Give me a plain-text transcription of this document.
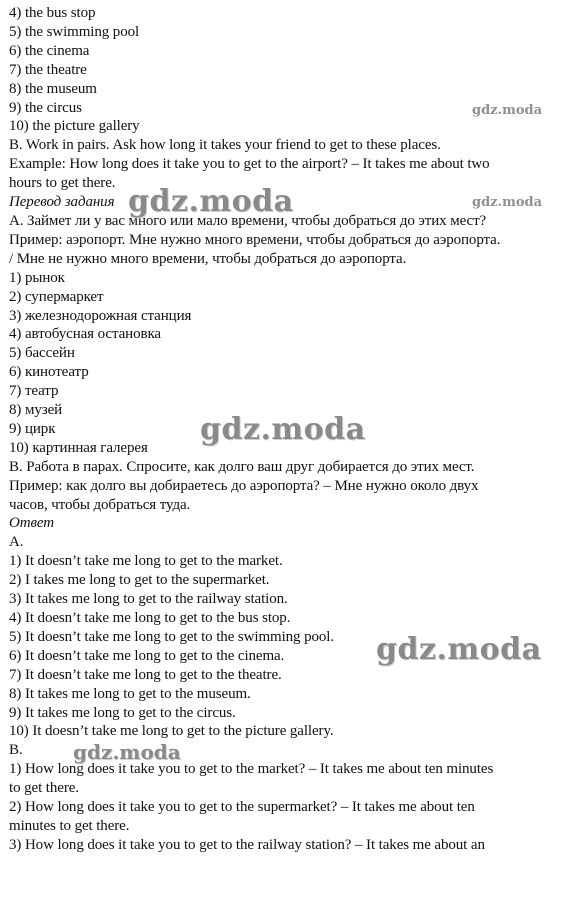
4) the bus stop
5) the swimming pool
6) the cinema
7) the theatre
8) the museum
9) the circus
10) the picture gallery
B. Work in pairs. Ask how long it takes your friend to get to these places.
Example: How long does it take you to get to the airport? – It takes me about two
hours to get there.
Перевод задания
А. Займет ли у вас много или мало времени, чтобы добраться до этих мест?
Пример: аэропорт. Мне нужно много времени, чтобы добраться до аэропорта.
/ Мне не нужно много времени, чтобы добраться до аэропорта.
1) рынок
2) супермаркет
3) железнодорожная станция
4) автобусная остановка
5) бассейн
6) кинотеатр
7) театр
8) музей
9) цирк
10) картинная галерея
В. Работа в парах. Спросите, как долго ваш друг добирается до этих мест.
Пример: как долго вы добираетесь до аэропорта? – Мне нужно около двух
часов, чтобы добраться туда.
Ответ
A.
1) It doesn’t take me long to get to the market.
2) I takes me long to get to the supermarket.
3) It takes me long to get to the railway station.
4) It doesn’t take me long to get to the bus stop.
5) It doesn’t take me long to get to the swimming pool.
6) It doesn’t take me long to get to the cinema.
7) It doesn’t take me long to get to the theatre.
8) It takes me long to get to the museum.
9) It takes me long to get to the circus.
10) It doesn’t take me long to get to the picture gallery.
B.
1) How long does it take you to get to the market? – It takes me about ten minutes
to get there.
2) How long does it take you to get to the supermarket? – It takes me about ten
minutes to get there.
3) How long does it take you to get to the railway station? – It takes me about an
gdz.moda
gdz.moda
gdz.moda
gdz.moda
gdz.moda
gdz.moda
